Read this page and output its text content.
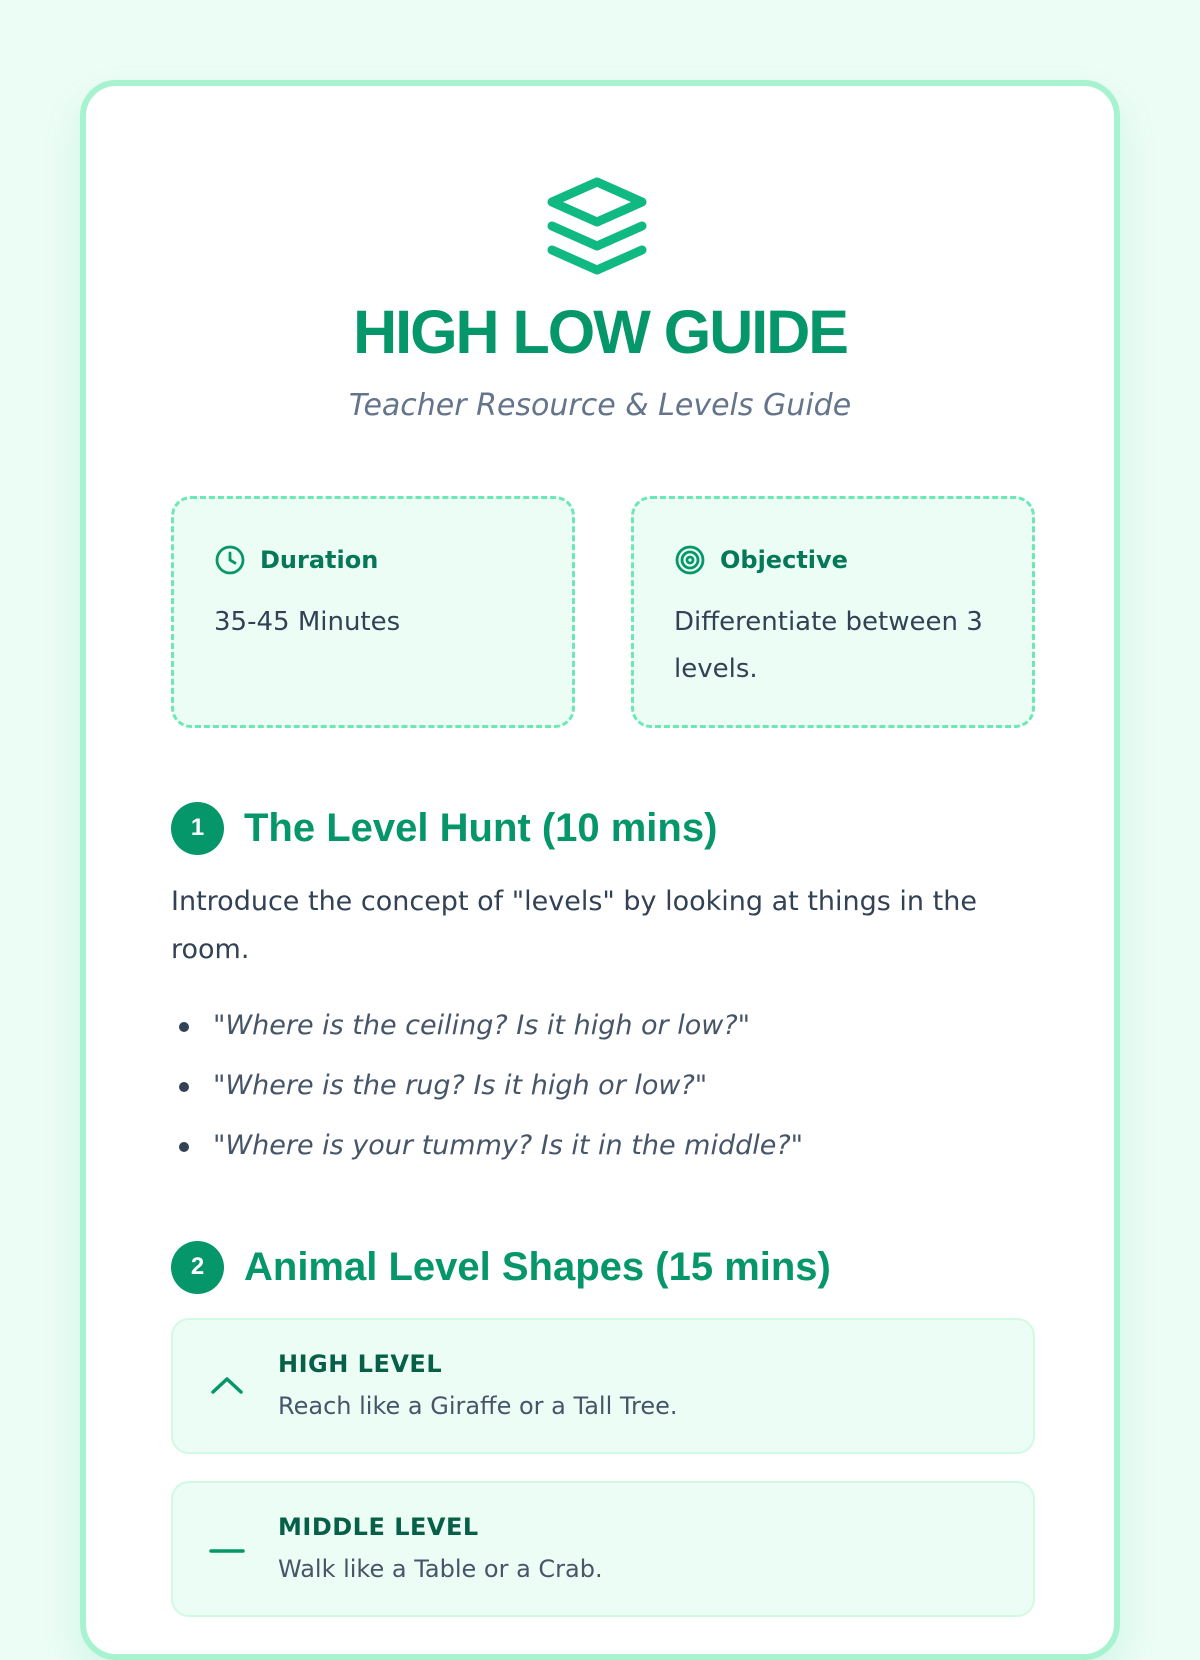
HIGH LOW GUIDE

Teacher Resource & Levels Guide

Duration
35-45 Minutes
Objective
Differentiate between 3 levels.
1 The Level Hunt (10 mins)
Introduce the concept of "levels" by looking at things in the room.
"Where is the ceiling? Is it high or low?"
"Where is the rug? Is it high or low?"
"Where is your tummy? Is it in the middle?"
2 Animal Level Shapes (15 mins)
HIGH LEVEL
Reach like a Giraffe or a Tall Tree.
MIDDLE LEVEL
Walk like a Table or a Crab.
